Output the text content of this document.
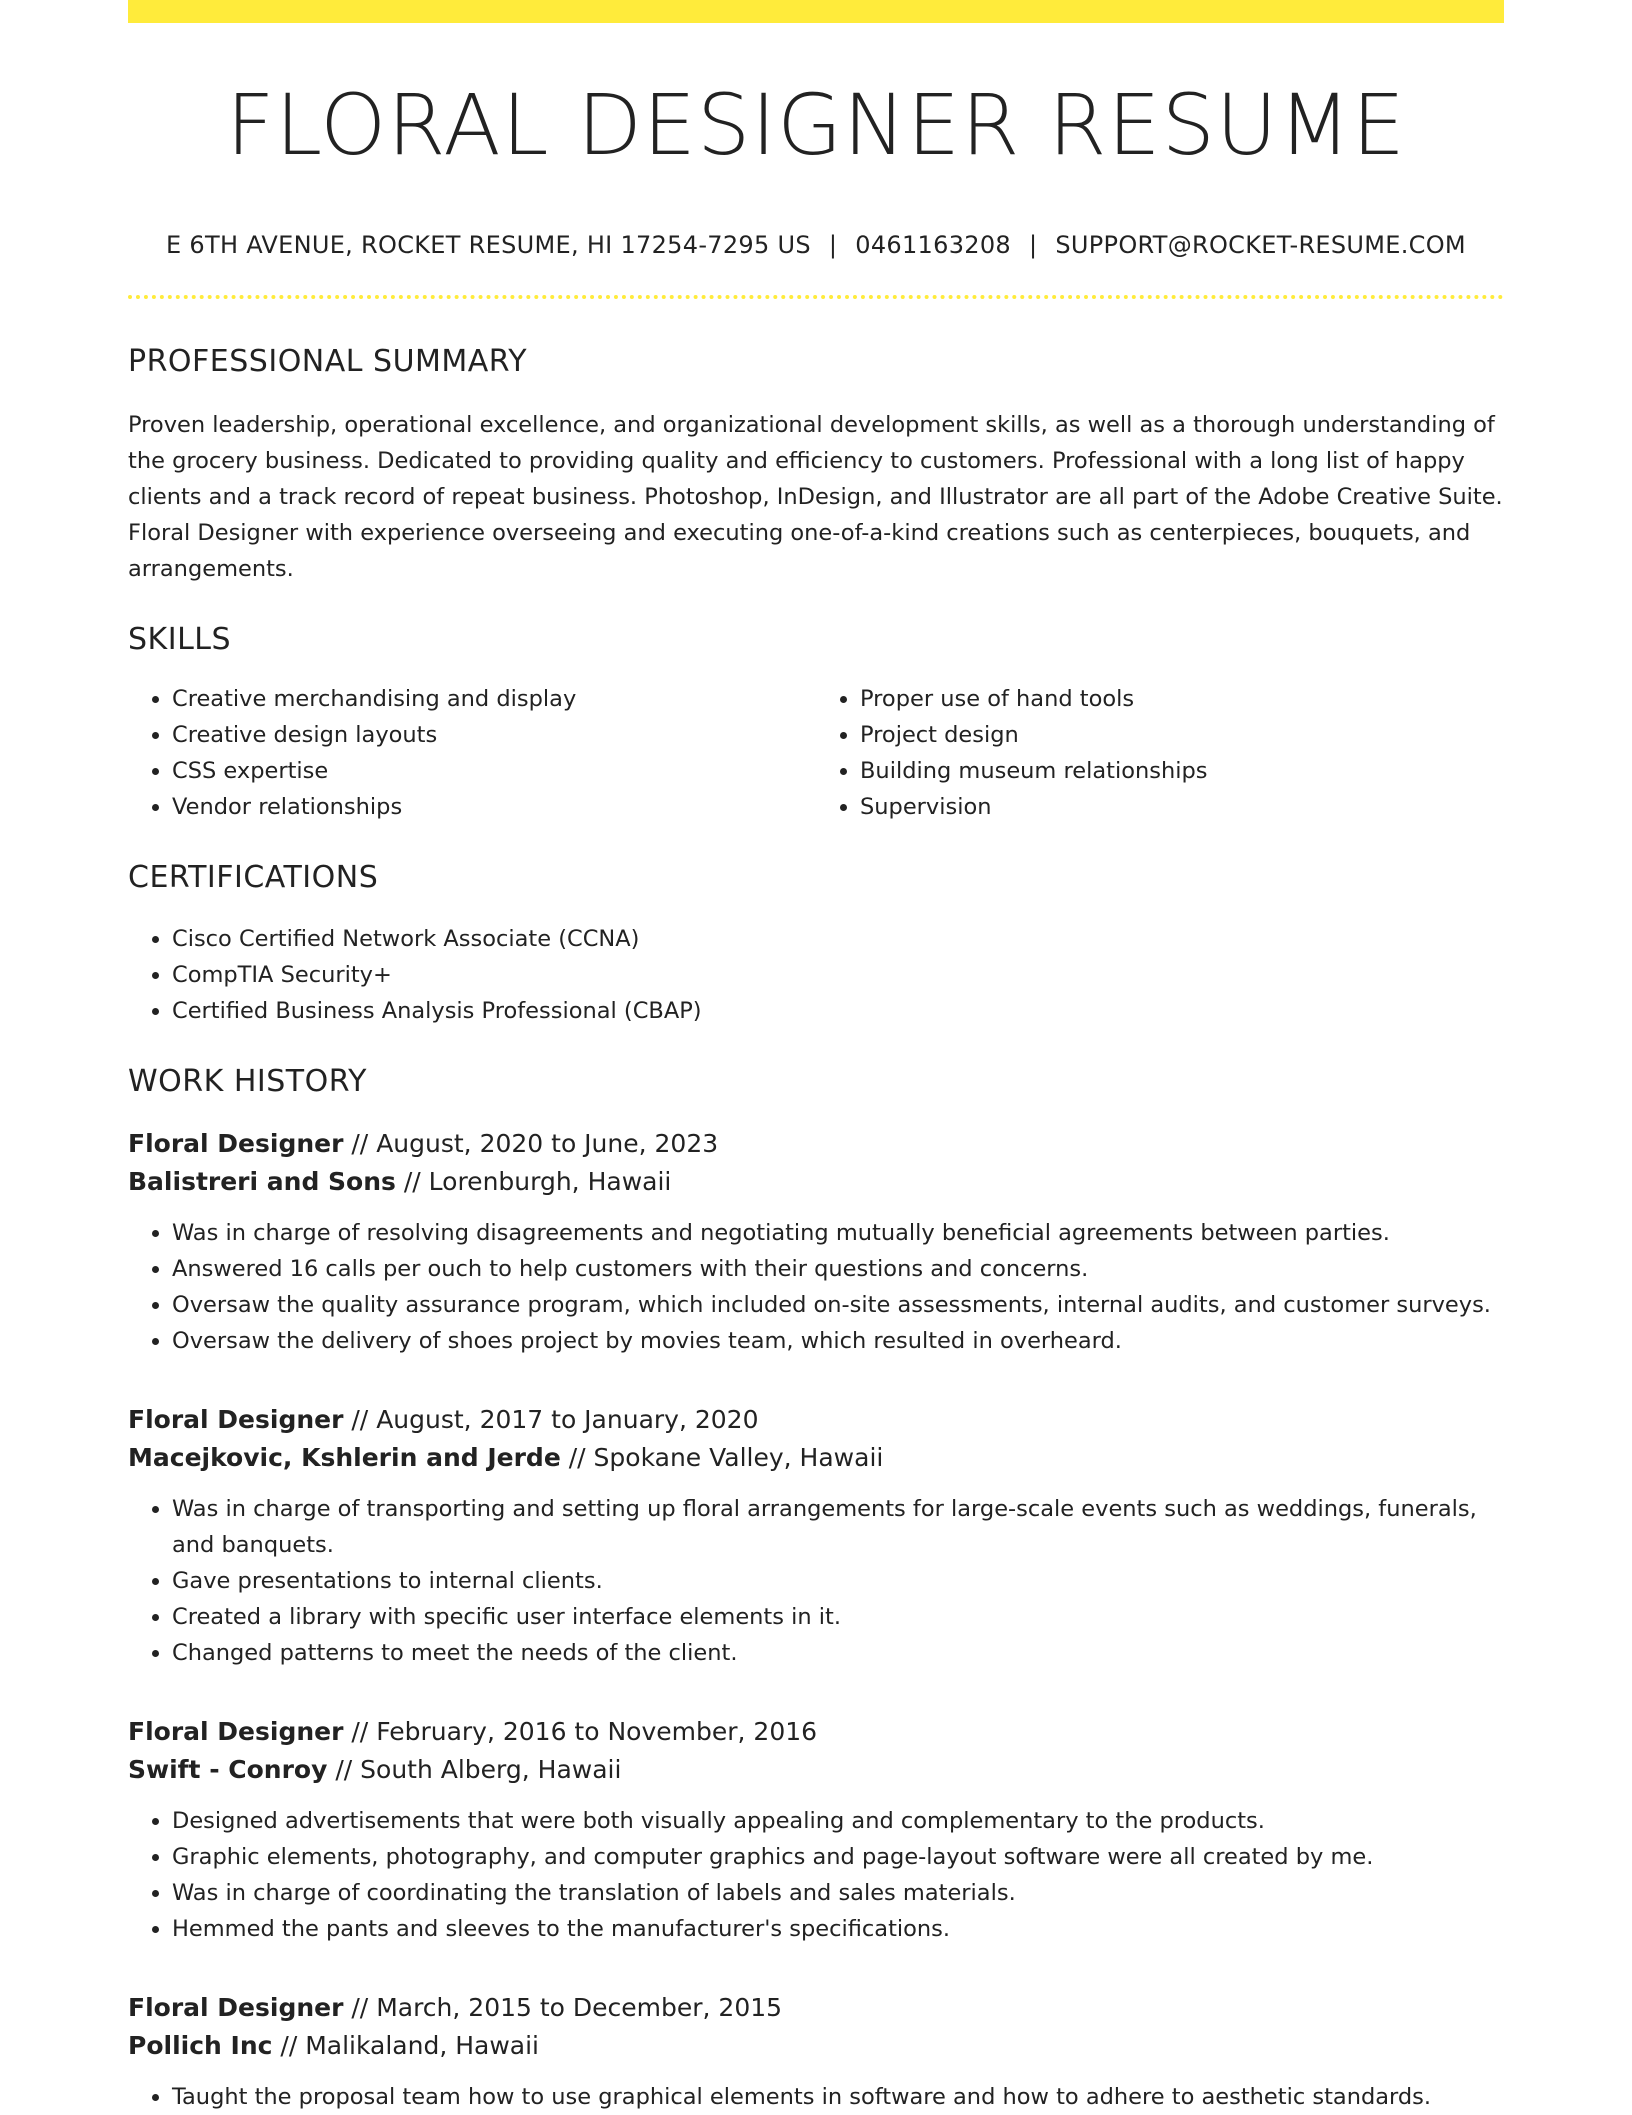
FLORAL DESIGNER RESUME
E 6TH AVENUE, ROCKET RESUME, HI 17254-7295 US | 0461163208 | SUPPORT@ROCKET-RESUME.COM
PROFESSIONAL SUMMARY
Proven leadership, operational excellence, and organizational development skills, as well as a thorough understanding of the grocery business. Dedicated to providing quality and efficiency to customers. Professional with a long list of happy clients and a track record of repeat business. Photoshop, InDesign, and Illustrator are all part of the Adobe Creative Suite. Floral Designer with experience overseeing and executing one-of-a-kind creations such as centerpieces, bouquets, and arrangements.
SKILLS
• Creative merchandising and display
• Creative design layouts
• CSS expertise
• Vendor relationships
• Proper use of hand tools
• Project design
• Building museum relationships
• Supervision
CERTIFICATIONS
• Cisco Certified Network Associate (CCNA)
• CompTIA Security+
• Certified Business Analysis Professional (CBAP)
WORK HISTORY
Floral Designer // August, 2020 to June, 2023
Balistreri and Sons // Lorenburgh, Hawaii
• Was in charge of resolving disagreements and negotiating mutually beneficial agreements between parties.
• Answered 16 calls per ouch to help customers with their questions and concerns.
• Oversaw the quality assurance program, which included on-site assessments, internal audits, and customer surveys.
• Oversaw the delivery of shoes project by movies team, which resulted in overheard.
Floral Designer // August, 2017 to January, 2020
Macejkovic, Kshlerin and Jerde // Spokane Valley, Hawaii
• Was in charge of transporting and setting up floral arrangements for large-scale events such as weddings, funerals, and banquets.
• Gave presentations to internal clients.
• Created a library with specific user interface elements in it.
• Changed patterns to meet the needs of the client.
Floral Designer // February, 2016 to November, 2016
Swift - Conroy // South Alberg, Hawaii
• Designed advertisements that were both visually appealing and complementary to the products.
• Graphic elements, photography, and computer graphics and page-layout software were all created by me.
• Was in charge of coordinating the translation of labels and sales materials.
• Hemmed the pants and sleeves to the manufacturer's specifications.
Floral Designer // March, 2015 to December, 2015
Pollich Inc // Malikaland, Hawaii
• Taught the proposal team how to use graphical elements in software and how to adhere to aesthetic standards.
